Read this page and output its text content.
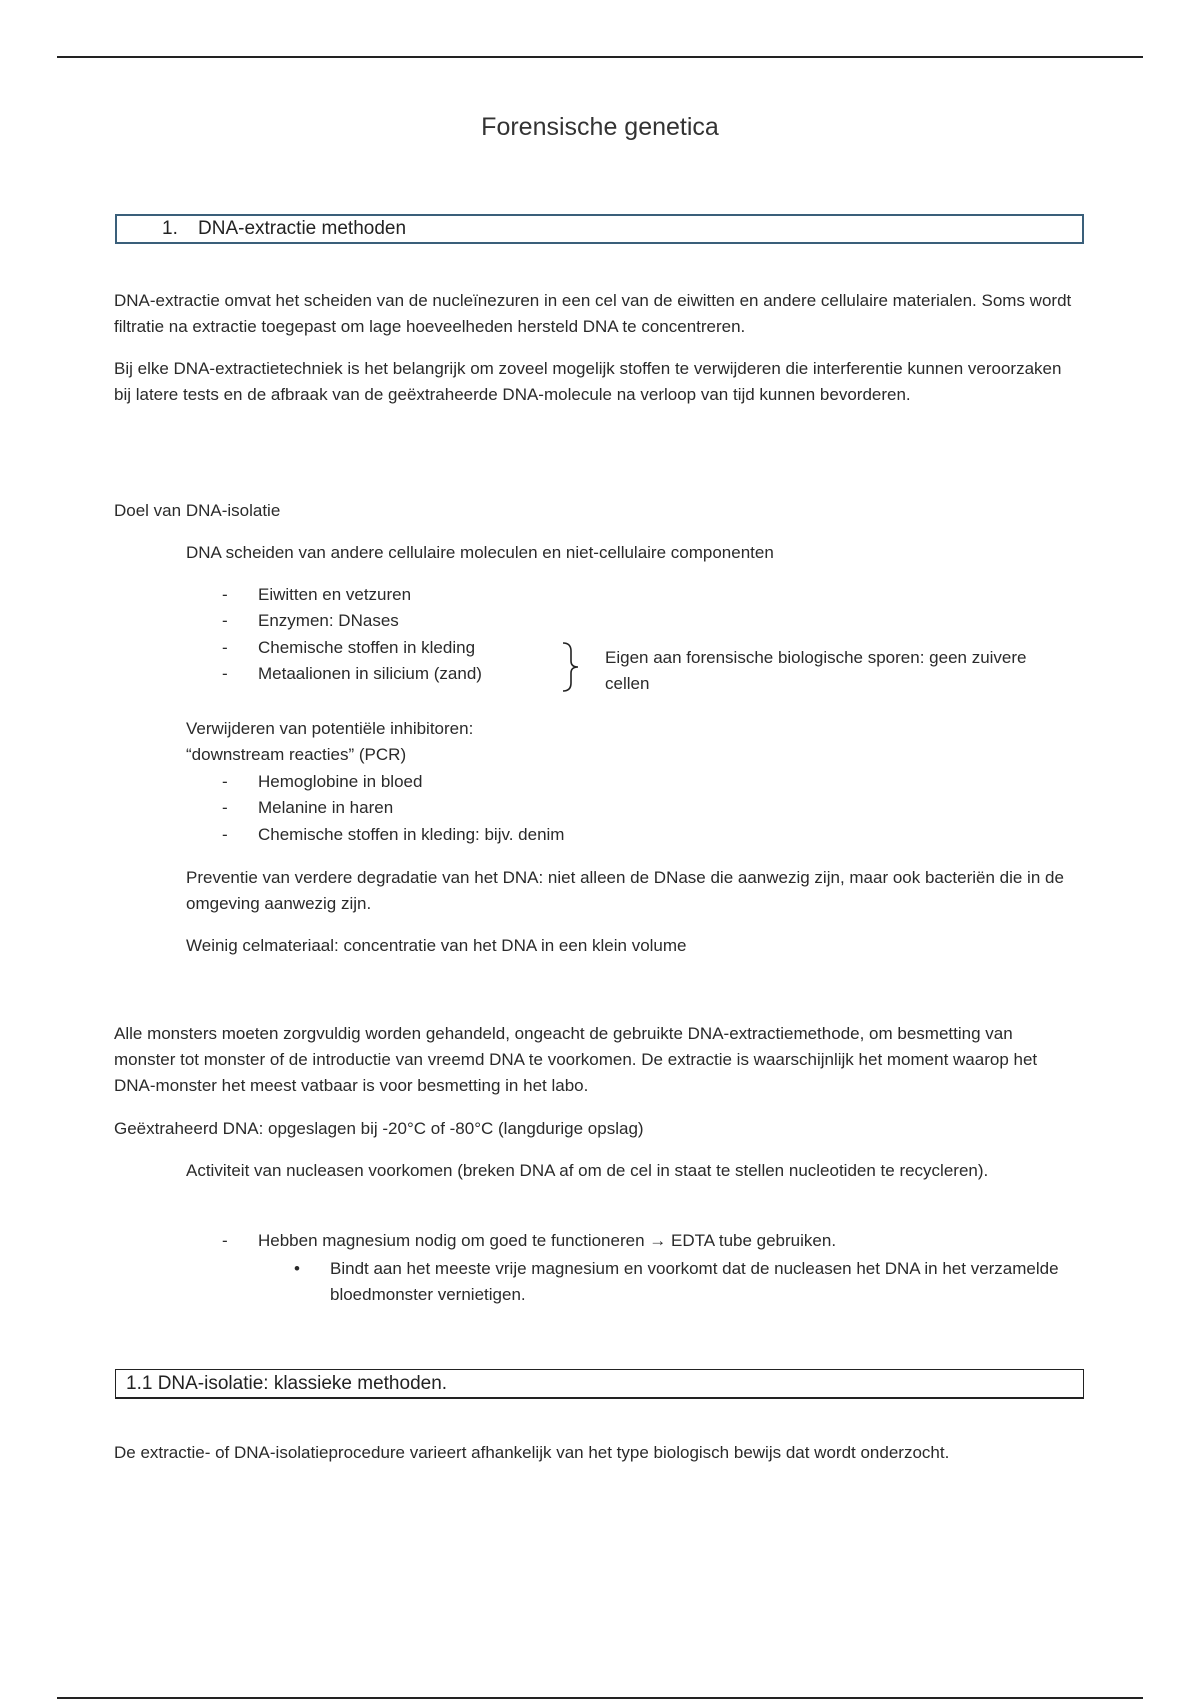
Forensische genetica
1.	DNA-extractie methoden

DNA-extractie omvat het scheiden van de nucleïnezuren in een cel van de eiwitten en andere cellulaire materialen. Soms wordt filtratie na extractie toegepast om lage hoeveelheden hersteld DNA te concentreren.

Bij elke DNA-extractietechniek is het belangrijk om zoveel mogelijk stoffen te verwijderen die interferentie kunnen veroorzaken bij latere tests en de afbraak van de geëxtraheerde DNA-molecule na verloop van tijd kunnen bevorderen.

Doel van DNA-isolatie

DNA scheiden van andere cellulaire moleculen en niet-cellulaire componenten

- Eiwitten en vetzuren
- Enzymen: DNases
- Chemische stoffen in kleding
- Metaalionen in silicium (zand)
Eigen aan forensische biologische sporen: geen zuivere cellen

Verwijderen van potentiële inhibitoren:

“downstream reacties” (PCR)

- Hemoglobine in bloed
- Melanine in haren
- Chemische stoffen in kleding: bijv. denim

Preventie van verdere degradatie van het DNA: niet alleen de DNase die aanwezig zijn, maar ook bacteriën die in de omgeving aanwezig zijn.

Weinig celmateriaal: concentratie van het DNA in een klein volume

Alle monsters moeten zorgvuldig worden gehandeld, ongeacht de gebruikte DNA-extractiemethode, om besmetting van monster tot monster of de introductie van vreemd DNA te voorkomen. De extractie is waarschijnlijk het moment waarop het DNA-monster het meest vatbaar is voor besmetting in het labo.

Geëxtraheerd DNA: opgeslagen bij -20°C of -80°C (langdurige opslag)

Activiteit van nucleasen voorkomen (breken DNA af om de cel in staat te stellen nucleotiden te recycleren).

- Hebben magnesium nodig om goed te functioneren → EDTA tube gebruiken.
• Bindt aan het meeste vrije magnesium en voorkomt dat de nucleasen het DNA in het verzamelde bloedmonster vernietigen.
1.1 DNA-isolatie: klassieke methoden.

De extractie- of DNA-isolatieprocedure varieert afhankelijk van het type biologisch bewijs dat wordt onderzocht.
